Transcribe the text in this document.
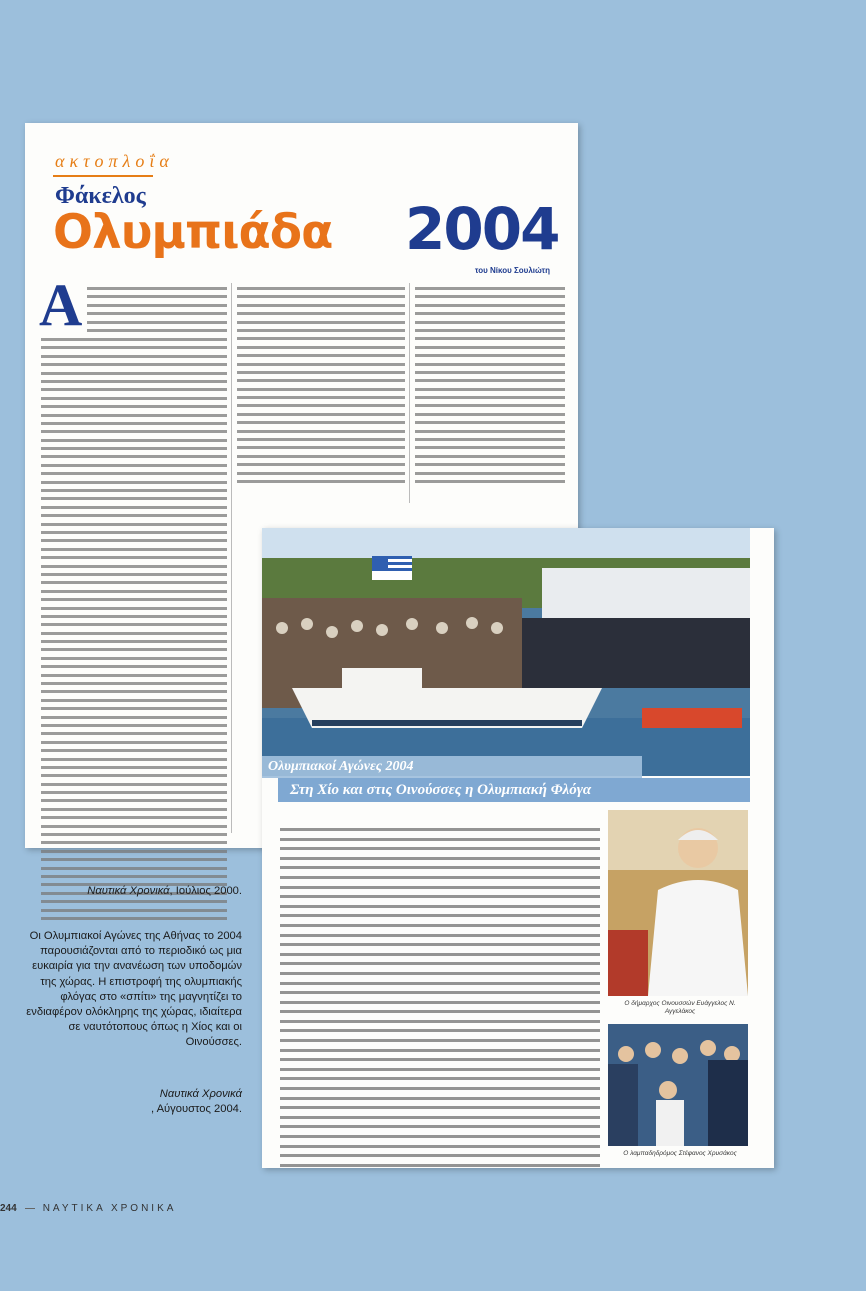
ακτοπλοΐα
Φάκελος
Ολυμπιάδα 2004
του Νίκου Σουλιώτη
Α
Ολυμπιακοί Αγώνες 2004
Στη Χίο και στις Οινούσσες η Ολυμπιακή Φλόγα
Ο δήμαρχος Οινουσσών Ευάγγελος Ν. Αγγελάκος
Ο λαμπαδηδρόμος Στέφανος Χρυσάκος
Ναυτικά Χρονικά, Ιούλιος 2000.
Οι Ολυμπιακοί Αγώνες της Αθήνας το 2004 παρουσιάζονται από το περιοδικό ως μια ευκαιρία για την ανανέωση των υποδομών της χώρας. Η επιστροφή της ολυμπιακής φλόγας στο «σπίτι» της μαγνητίζει το ενδιαφέρον ολόκληρης της χώρας, ιδιαίτερα σε ναυτότοπους όπως η Χίος και οι Οινούσσες.
Ναυτικά Χρονικά
, Αύγουστος 2004.
244	ΝΑΥΤΙΚΑ ΧΡΟΝΙΚΑ
